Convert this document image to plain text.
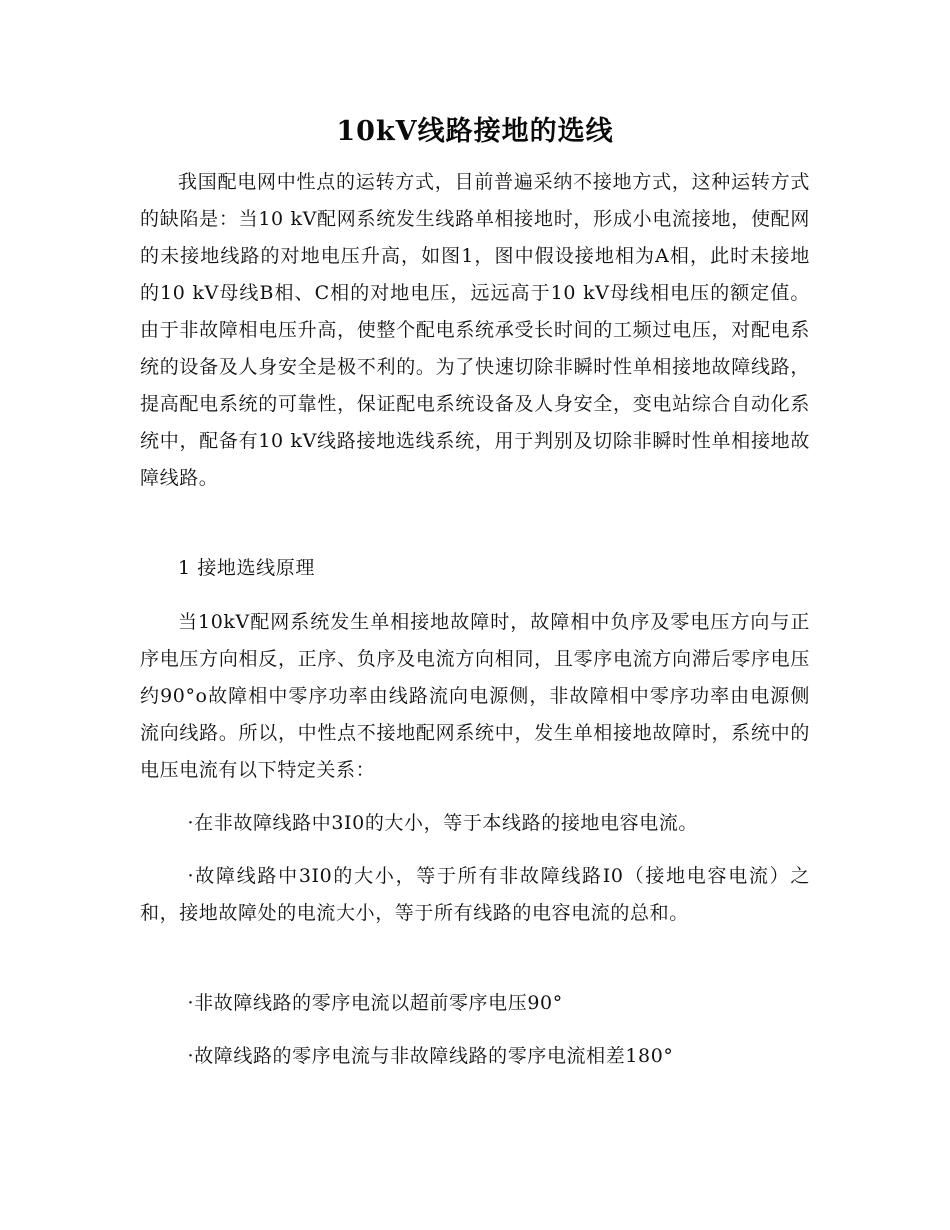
10kV线路接地的选线

我国配电网中性点的运转方式，目前普遍采纳不接地方式，这种运转方式的缺陷是：当10 kV配网系统发生线路单相接地时，形成小电流接地，使配网的未接地线路的对地电压升高，如图1，图中假设接地相为A相，此时未接地的10 kV母线B相、C相的对地电压，远远高于10 kV母线相电压的额定值。由于非故障相电压升高，使整个配电系统承受长时间的工频过电压，对配电系统的设备及人身安全是极不利的。为了快速切除非瞬时性单相接地故障线路，提高配电系统的可靠性，保证配电系统设备及人身安全，变电站综合自动化系统中，配备有10 kV线路接地选线系统，用于判别及切除非瞬时性单相接地故障线路。

1 接地选线原理

当10kV配网系统发生单相接地故障时，故障相中负序及零电压方向与正序电压方向相反，正序、负序及电流方向相同，且零序电流方向滞后零序电压约90°o故障相中零序功率由线路流向电源侧，非故障相中零序功率由电源侧流向线路。所以，中性点不接地配网系统中，发生单相接地故障时，系统中的电压电流有以下特定关系：

·在非故障线路中3I0的大小，等于本线路的接地电容电流。

·故障线路中3I0的大小，等于所有非故障线路I0（接地电容电流）之和，接地故障处的电流大小，等于所有线路的电容电流的总和。

·非故障线路的零序电流以超前零序电压90°

·故障线路的零序电流与非故障线路的零序电流相差180°
